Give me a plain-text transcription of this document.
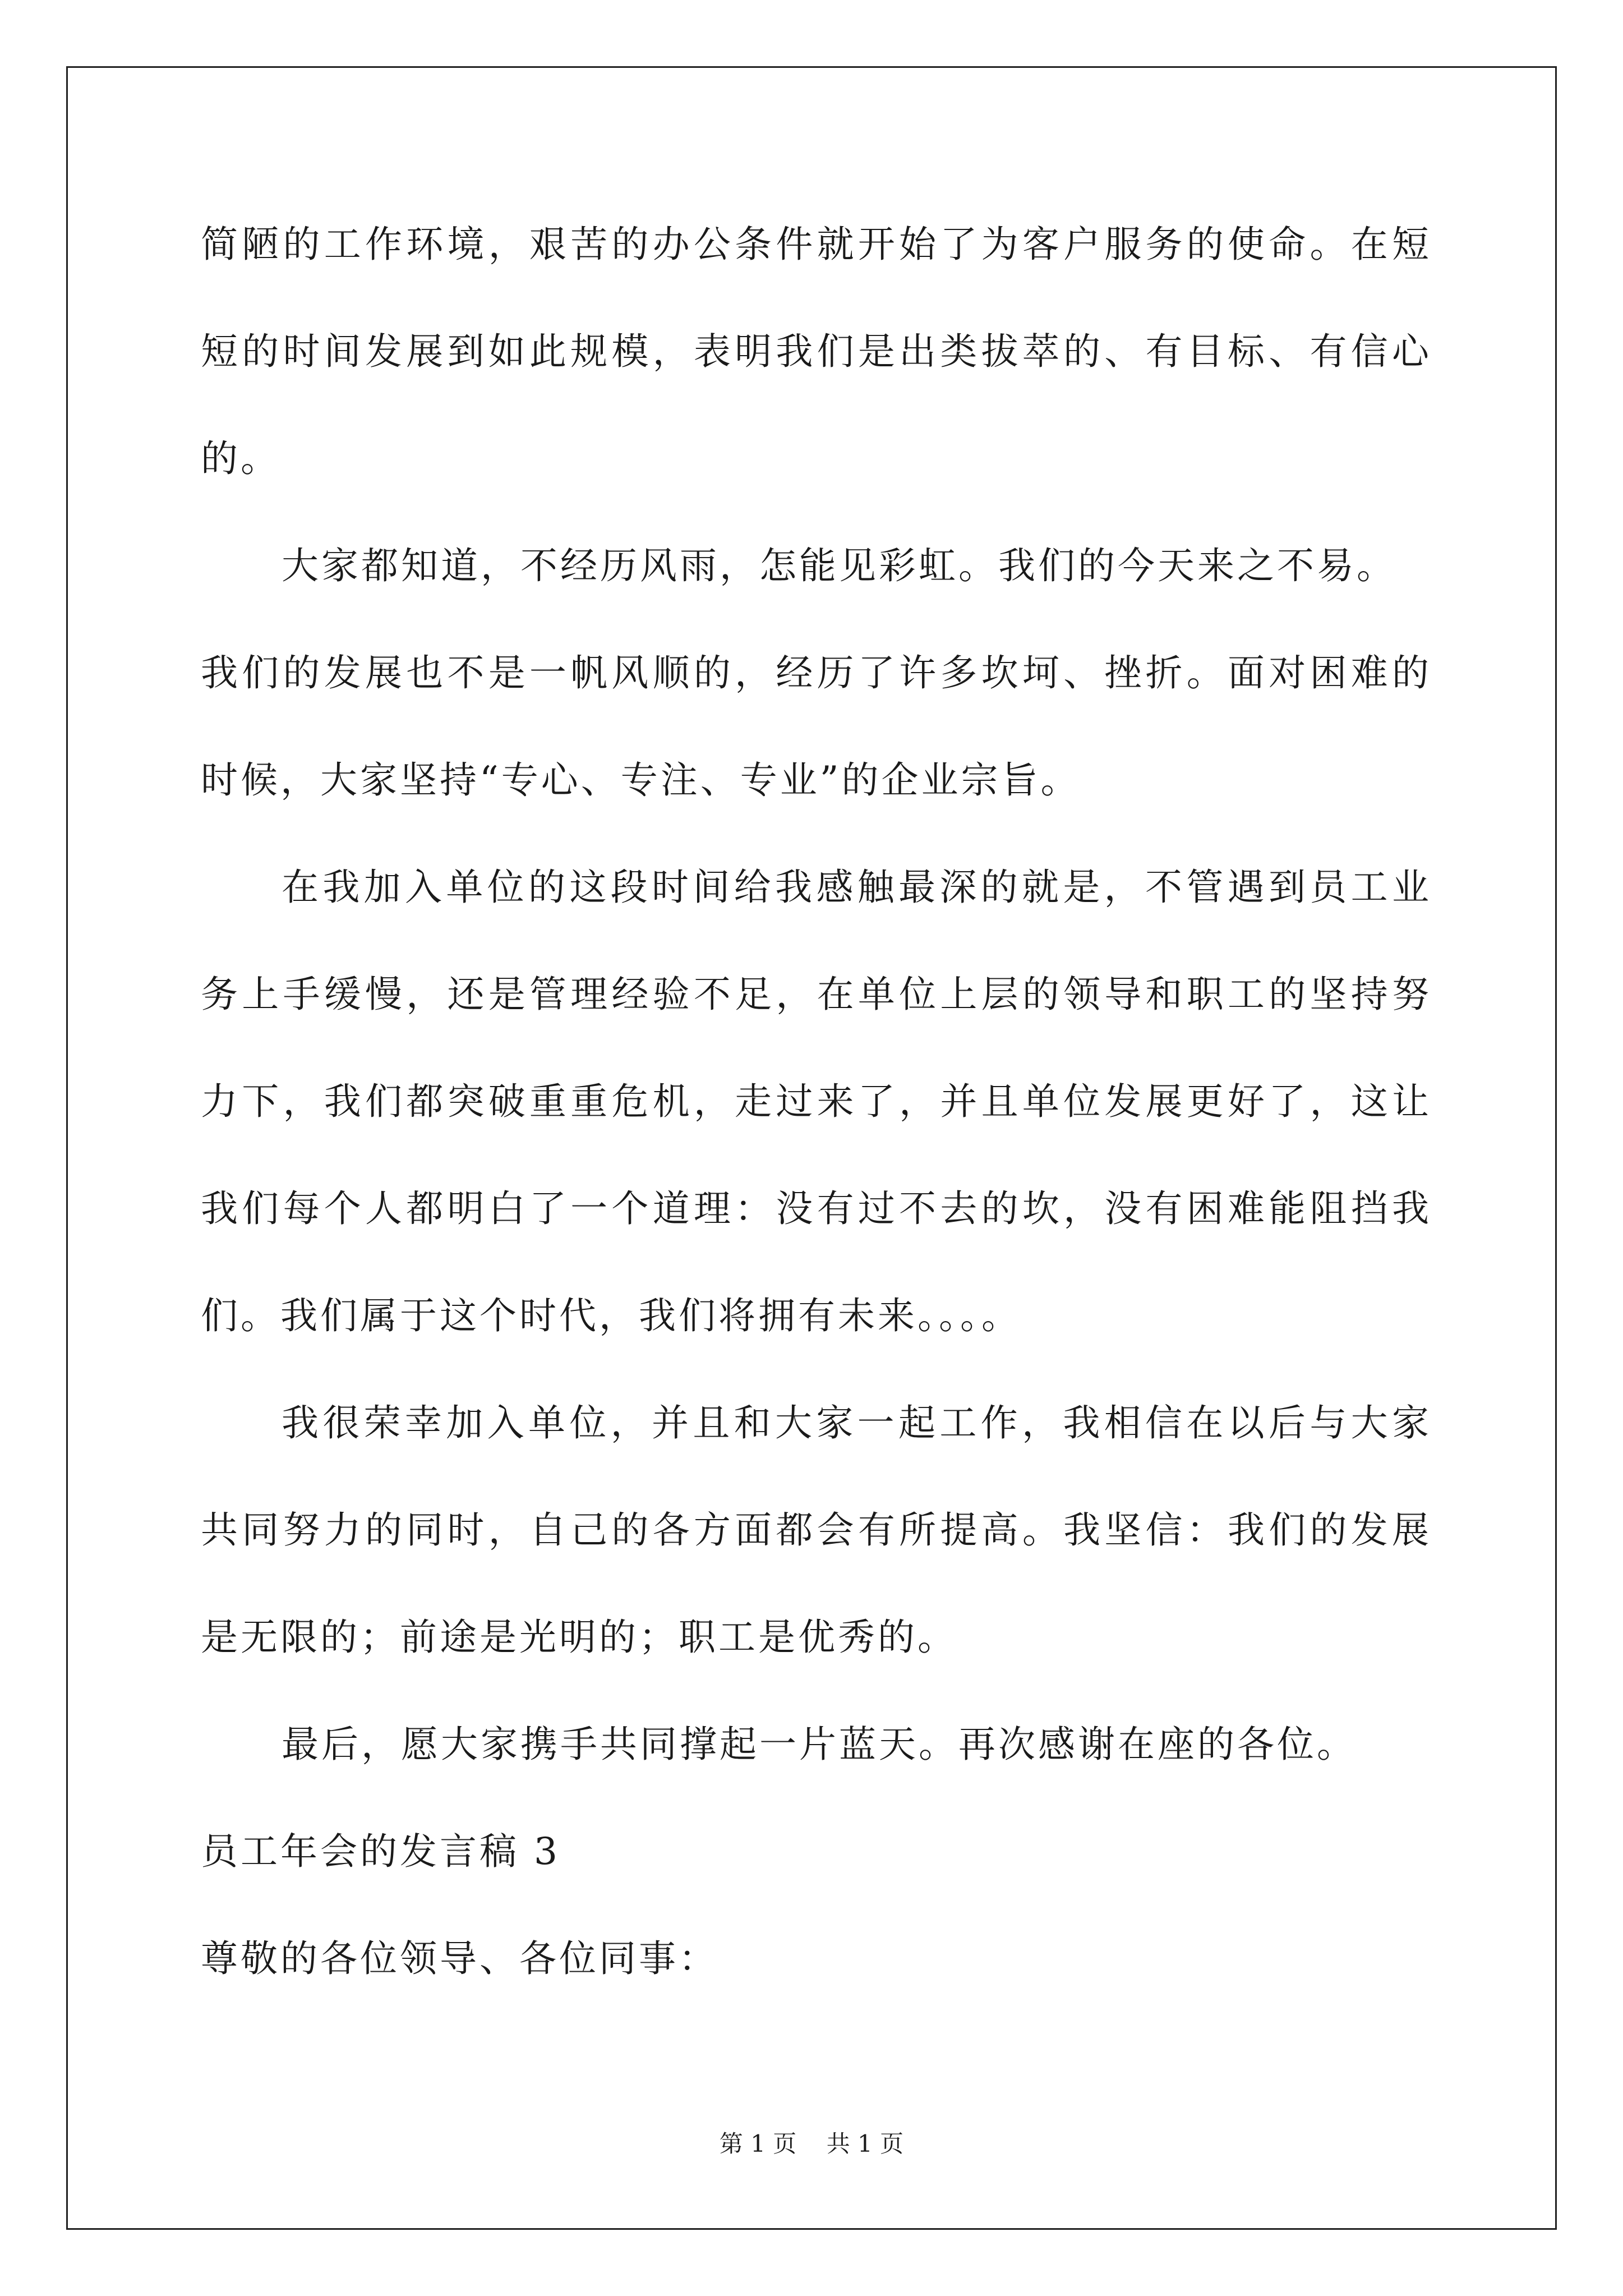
简陋的工作环境，艰苦的办公条件就开始了为客户服务的使命。在短
短的时间发展到如此规模，表明我们是出类拔萃的、有目标、有信心
的。
大家都知道，不经历风雨，怎能见彩虹。我们的今天来之不易。
我们的发展也不是一帆风顺的，经历了许多坎坷、挫折。面对困难的
时候，大家坚持“专心、专注、专业”的企业宗旨。
在我加入单位的这段时间给我感触最深的就是，不管遇到员工业
务上手缓慢，还是管理经验不足，在单位上层的领导和职工的坚持努
力下，我们都突破重重危机，走过来了，并且单位发展更好了，这让
我们每个人都明白了一个道理：没有过不去的坎，没有困难能阻挡我
们。我们属于这个时代，我们将拥有未来。。。。
我很荣幸加入单位，并且和大家一起工作，我相信在以后与大家
共同努力的同时，自己的各方面都会有所提高。我坚信：我们的发展
是无限的；前途是光明的；职工是优秀的。
最后，愿大家携手共同撑起一片蓝天。再次感谢在座的各位。
员工年会的发言稿 3
尊敬的各位领导、各位同事：
第 1 页    共 1 页
